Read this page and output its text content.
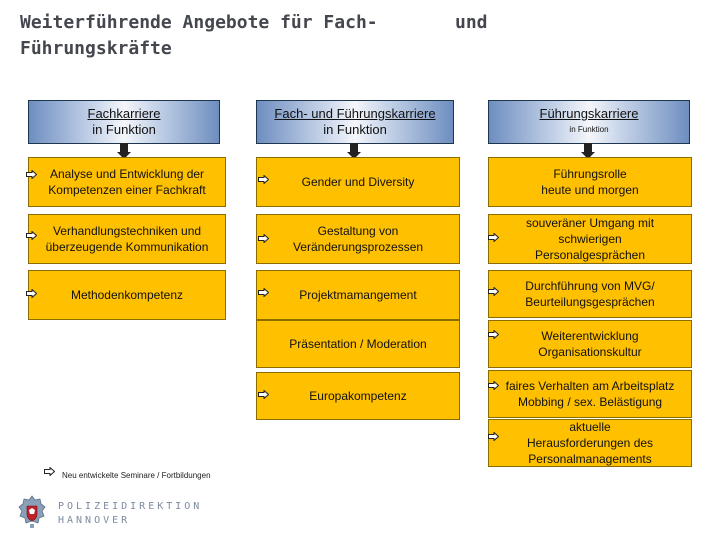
Weiterführende Angebote für Fach-
Führungskräfte
und
Fachkarriere
in Funktion
Fach- und Führungskarriere
in Funktion
Führungskarriere
in Funktion
Analyse und Entwicklung der Kompetenzen einer Fachkraft
Verhandlungstechniken und überzeugende Kommunikation
Methodenkompetenz
Gender und Diversity
Gestaltung von Veränderungsprozessen
Projektmamangement
Präsentation / Moderation
Europakompetenz
Führungsrolle heute und morgen
souveräner Umgang mit schwierigen Personalgesprächen
Durchführung von MVG/ Beurteilungsgesprächen
Weiterentwicklung Organisationskultur
faires Verhalten am Arbeitsplatz Mobbing / sex. Belästigung
aktuelle Herausforderungen des Personalmanagements
Neu entwickelte Seminare / Fortbildungen
POLIZEIDIREKTION
HANNOVER
